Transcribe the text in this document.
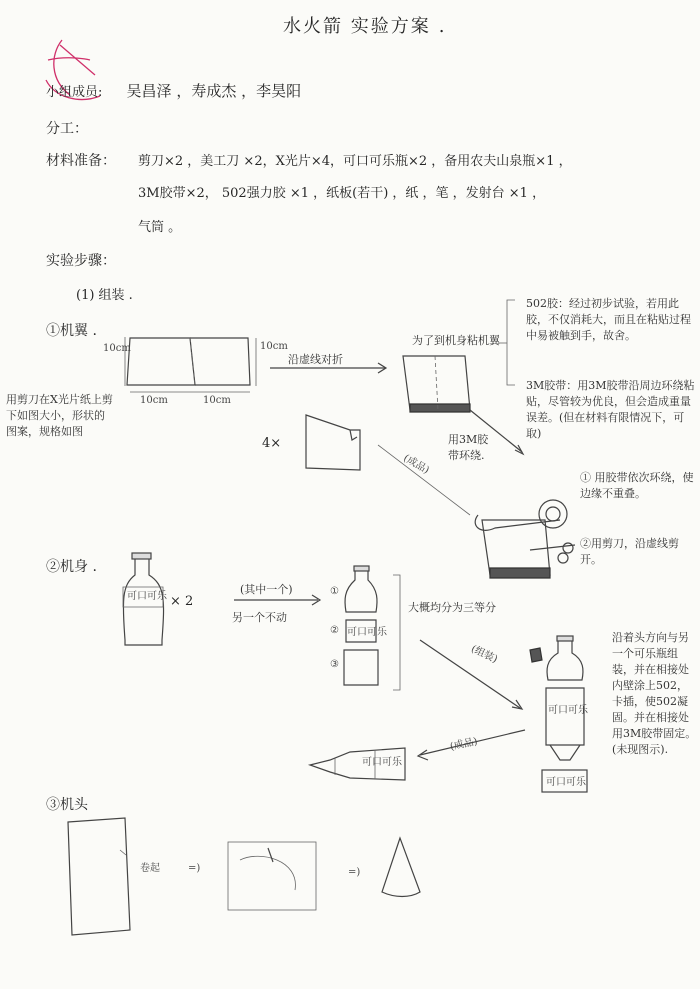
水火箭 实验方案 .
小组成员: 吴昌泽 ，寿成杰 ，李昊阳
分工：
材料准备： 剪刀×2 ，美工刀 ×2，X光片×4，可口可乐瓶×2 ，备用农夫山泉瓶×1 ，
3M胶带×2， 502强力胶 ×1 ，纸板(若干) ，纸 ，笔 ，发射台 ×1 ，
气筒 。
实验步骤：
(1) 组装 .
①机翼 .
10cm	10cm
10cm	10cm
用剪刀在X光片纸上剪下如图大小，形状的图案，规格如图
沿虚线对折
为了到机身粘机翼
502胶：经过初步试验，若用此胶，不仅消耗大，而且在粘贴过程中易被触到手，故舍。
3M胶带：用3M胶带沿周边环绕粘贴，尽管较为优良，但会造成重量误差。(但在材料有限情况下，可取)
4×	用3M胶带环绕.
(成品)
① 用胶带依次环绕，使边缘不重叠。
②用剪刀，沿虚线剪开。
②机身 .
可口可乐 × 2
(其中一个)
另一个不动
①
②
③
可口可乐
大概均分为三等分
(组装)
可口可乐
可口可乐
沿着头方向与另一个可乐瓶组装，并在相接处内壁涂上502，卡插，使502凝固。并在相接处用3M胶带固定。(未现图示).
(成品)
可口可乐
③机头
卷起	=)	=)
